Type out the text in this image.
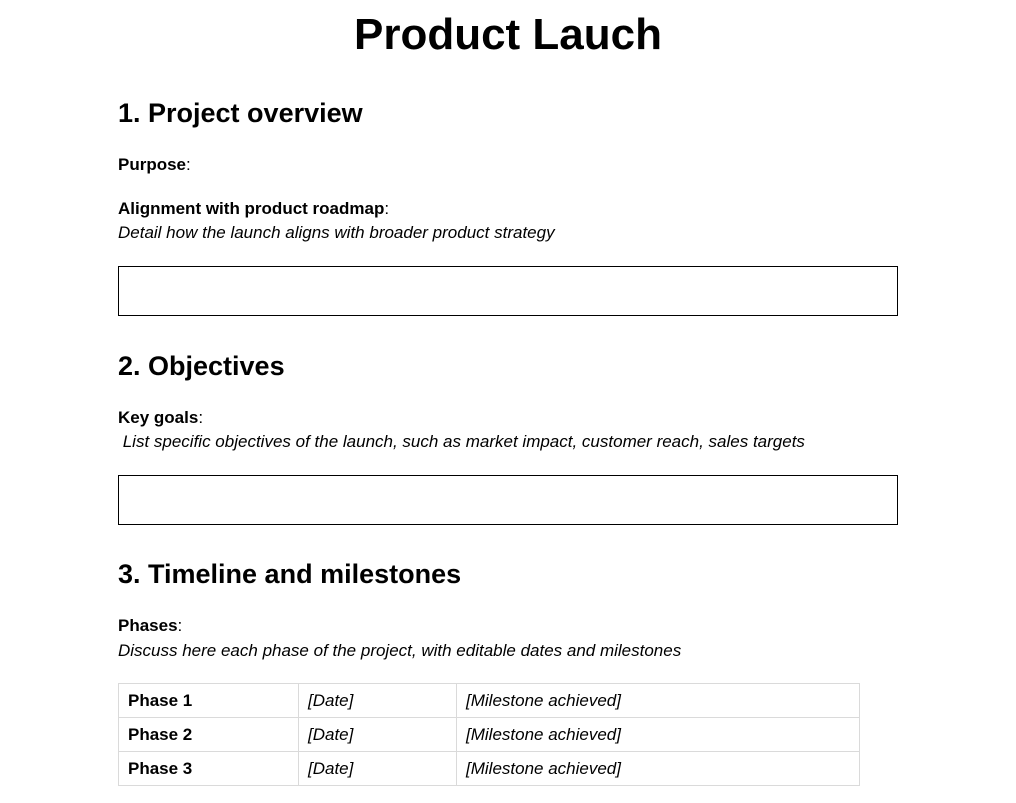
Product Lauch
1. Project overview
Purpose:
Alignment with product roadmap:
Detail how the launch aligns with broader product strategy
2. Objectives
Key goals:
List specific objectives of the launch, such as market impact, customer reach, sales targets
3. Timeline and milestones
Phases:
Discuss here each phase of the project, with editable dates and milestones
Phase 1	[Date]	[Milestone achieved]
Phase 2	[Date]	[Milestone achieved]
Phase 3	[Date]	[Milestone achieved]
